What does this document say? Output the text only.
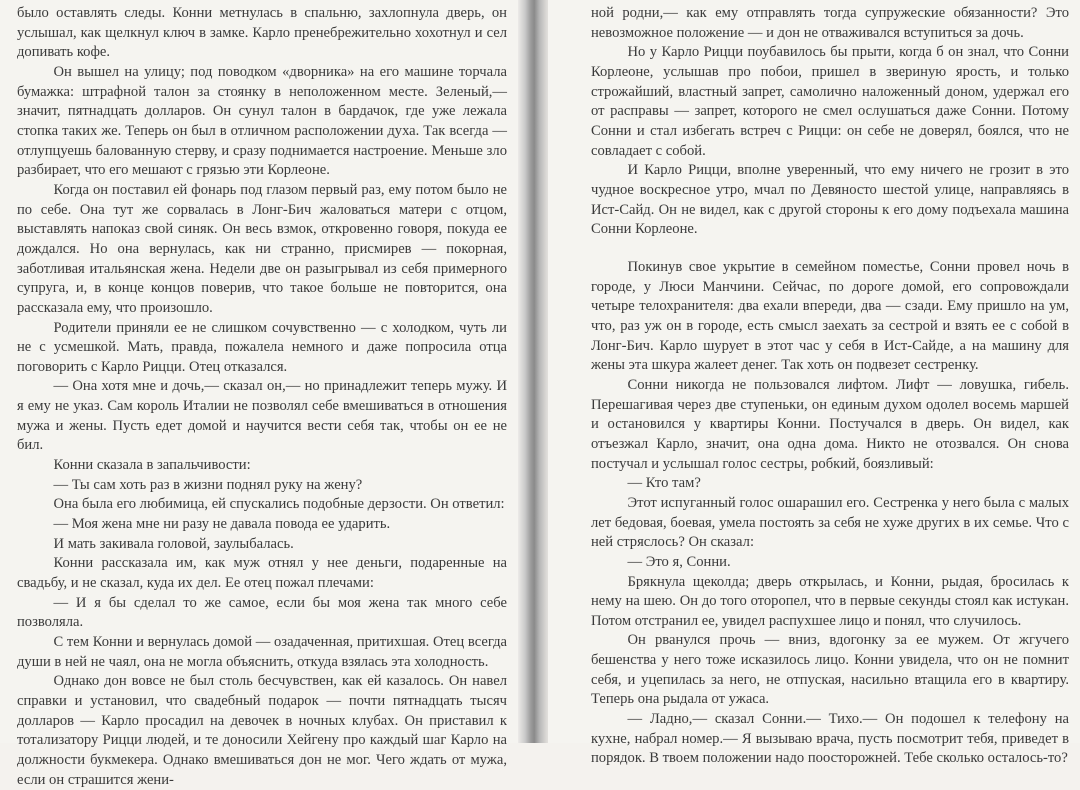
было оставлять следы. Конни метнулась в спальню, захлопнула дверь, он услышал, как щелкнул ключ в замке. Карло пренебрежительно хохотнул и сел допивать кофе.

Он вышел на улицу; под поводком «дворника» на его машине торчала бумажка: штрафной талон за стоянку в неположенном месте. Зеленый,— значит, пятнадцать долларов. Он сунул талон в бардачок, где уже лежала стопка таких же. Теперь он был в отличном расположении духа. Так всегда — отлупцуешь балованную стерву, и сразу поднимается настроение. Меньше зло разбирает, что его мешают с грязью эти Корлеоне.

Когда он поставил ей фонарь под глазом первый раз, ему потом было не по себе. Она тут же сорвалась в Лонг-Бич жаловаться матери с отцом, выставлять напоказ свой синяк. Он весь взмок, откровенно говоря, покуда ее дождался. Но она вернулась, как ни странно, присмирев — покорная, заботливая итальянская жена. Недели две он разыгрывал из себя примерного супруга, и, в конце концов поверив, что такое больше не повторится, она рассказала ему, что произошло.

Родители приняли ее не слишком сочувственно — с холодком, чуть ли не с усмешкой. Мать, правда, пожалела немного и даже попросила отца поговорить с Карло Рицци. Отец отказался.

— Она хотя мне и дочь,— сказал он,— но принадлежит теперь мужу. И я ему не указ. Сам король Италии не позволял себе вмешиваться в отношения мужа и жены. Пусть едет домой и научится вести себя так, чтобы он ее не бил.

Конни сказала в запальчивости:

— Ты сам хоть раз в жизни поднял руку на жену?

Она была его любимица, ей спускались подобные дерзости. Он ответил:

— Моя жена мне ни разу не давала повода ее ударить.

И мать закивала головой, заулыбалась.

Конни рассказала им, как муж отнял у нее деньги, подаренные на свадьбу, и не сказал, куда их дел. Ее отец пожал плечами:

— И я бы сделал то же самое, если бы моя жена так много себе позволяла.

С тем Конни и вернулась домой — озадаченная, притихшая. Отец всегда души в ней не чаял, она не могла объяснить, откуда взялась эта холодность.

Однако дон вовсе не был столь бесчувствен, как ей казалось. Он навел справки и установил, что свадебный подарок — почти пятнадцать тысяч долларов — Карло просадил на девочек в ночных клубах. Он приставил к тотализатору Рицци людей, и те доносили Хейгену про каждый шаг Карло на должности букмекера. Однако вмешиваться дон не мог. Чего ждать от мужа, если он страшится жени-

ной родни,— как ему отправлять тогда супружеские обязанности? Это невозможное положение — и дон не отваживался вступиться за дочь.

Но у Карло Рицци поубавилось бы прыти, когда б он знал, что Сонни Корлеоне, услышав про побои, пришел в звериную ярость, и только строжайший, властный запрет, самолично наложенный доном, удержал его от расправы — запрет, которого не смел ослушаться даже Сонни. Потому Сонни и стал избегать встреч с Рицци: он себе не доверял, боялся, что не совладает с собой.

И Карло Рицци, вполне уверенный, что ему ничего не грозит в это чудное воскресное утро, мчал по Девяносто шестой улице, направляясь в Ист-Сайд. Он не видел, как с другой стороны к его дому подъехала машина Сонни Корлеоне.

Покинув свое укрытие в семейном поместье, Сонни провел ночь в городе, у Люси Манчини. Сейчас, по дороге домой, его сопровождали четыре телохранителя: два ехали впереди, два — сзади. Ему пришло на ум, что, раз уж он в городе, есть смысл заехать за сестрой и взять ее с собой в Лонг-Бич. Карло шурует в этот час у себя в Ист-Сайде, а на машину для жены эта шкура жалеет денег. Так хоть он подвезет сестренку.

Сонни никогда не пользовался лифтом. Лифт — ловушка, гибель. Перешагивая через две ступеньки, он единым духом одолел восемь маршей и остановился у квартиры Конни. Постучался в дверь. Он видел, как отъезжал Карло, значит, она одна дома. Никто не отозвался. Он снова постучал и услышал голос сестры, робкий, боязливый:

— Кто там?

Этот испуганный голос ошарашил его. Сестренка у него была с малых лет бедовая, боевая, умела постоять за себя не хуже других в их семье. Что с ней стряслось? Он сказал:

— Это я, Сонни.

Брякнула щеколда; дверь открылась, и Конни, рыдая, бросилась к нему на шею. Он до того оторопел, что в первые секунды стоял как истукан. Потом отстранил ее, увидел распухшее лицо и понял, что случилось.

Он рванулся прочь — вниз, вдогонку за ее мужем. От жгучего бешенства у него тоже исказилось лицо. Конни увидела, что он не помнит себя, и уцепилась за него, не отпуская, насильно втащила его в квартиру. Теперь она рыдала от ужаса.

— Ладно,— сказал Сонни.— Тихо.— Он подошел к телефону на кухне, набрал номер.— Я вызываю врача, пусть посмотрит тебя, приведет в порядок. В твоем положении надо поосторожней. Тебе сколько осталось-то?
